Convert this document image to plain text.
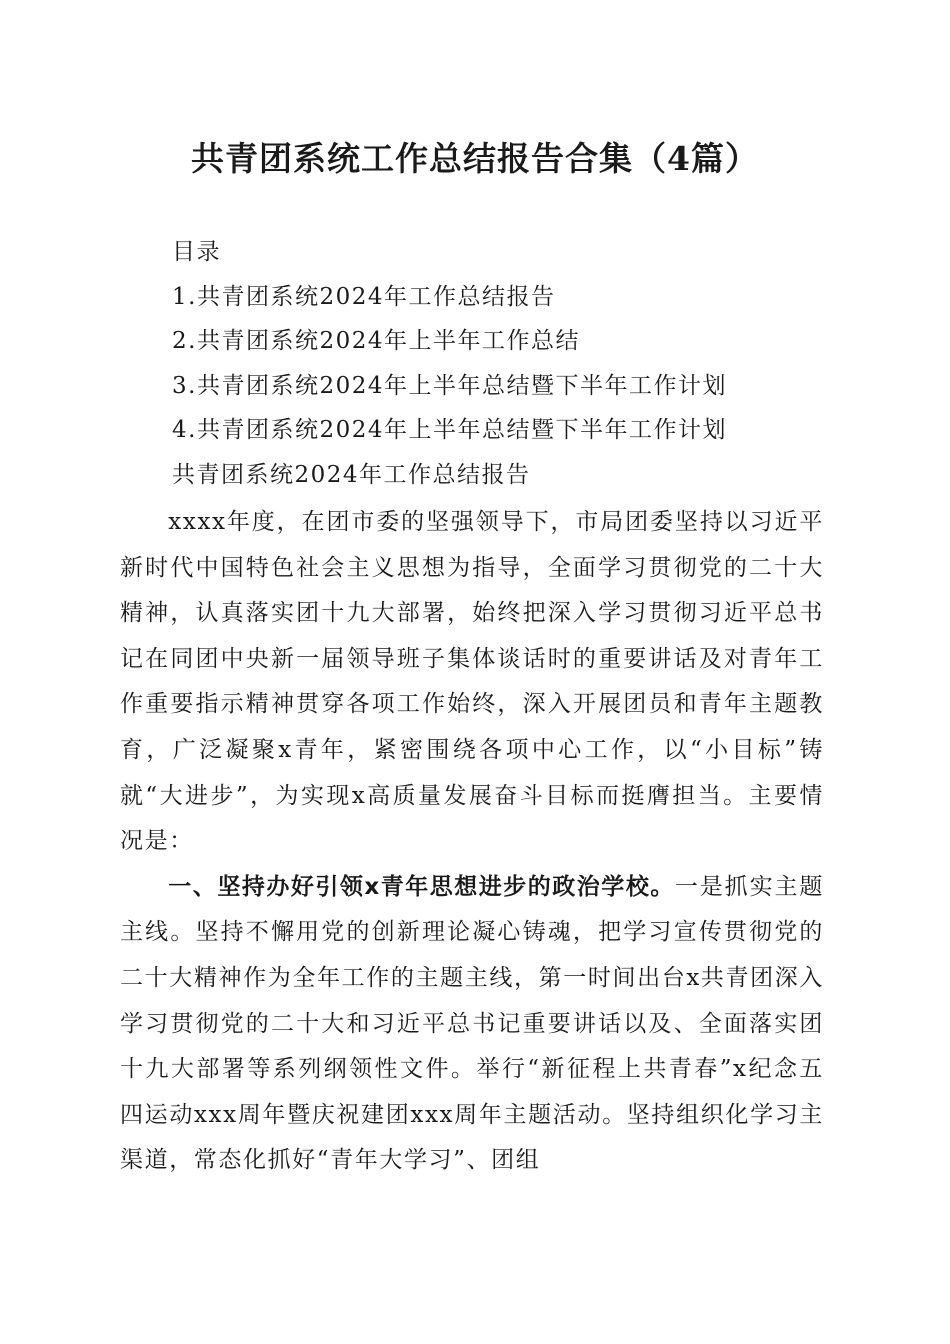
共青团系统工作总结报告合集（4篇）
目录
1.共青团系统2024年工作总结报告
2.共青团系统2024年上半年工作总结
3.共青团系统2024年上半年总结暨下半年工作计划
4.共青团系统2024年上半年总结暨下半年工作计划
共青团系统2024年工作总结报告

xxxx年度，在团市委的坚强领导下，市局团委坚持以习近平新时代中国特色社会主义思想为指导，全面学习贯彻党的二十大精神，认真落实团十九大部署，始终把深入学习贯彻习近平总书记在同团中央新一届领导班子集体谈话时的重要讲话及对青年工作重要指示精神贯穿各项工作始终，深入开展团员和青年主题教育，广泛凝聚x青年，紧密围绕各项中心工作，以“小目标”铸就“大进步”，为实现x高质量发展奋斗目标而挺膺担当。主要情况是：

一、坚持办好引领x青年思想进步的政治学校。一是抓实主题主线。坚持不懈用党的创新理论凝心铸魂，把学习宣传贯彻党的二十大精神作为全年工作的主题主线，第一时间出台x共青团深入学习贯彻党的二十大和习近平总书记重要讲话以及、全面落实团十九大部署等系列纲领性文件。举行“新征程上共青春”x纪念五四运动xxx周年暨庆祝建团xxx周年主题活动。坚持组织化学习主渠道，常态化抓好“青年大学习”、团组
